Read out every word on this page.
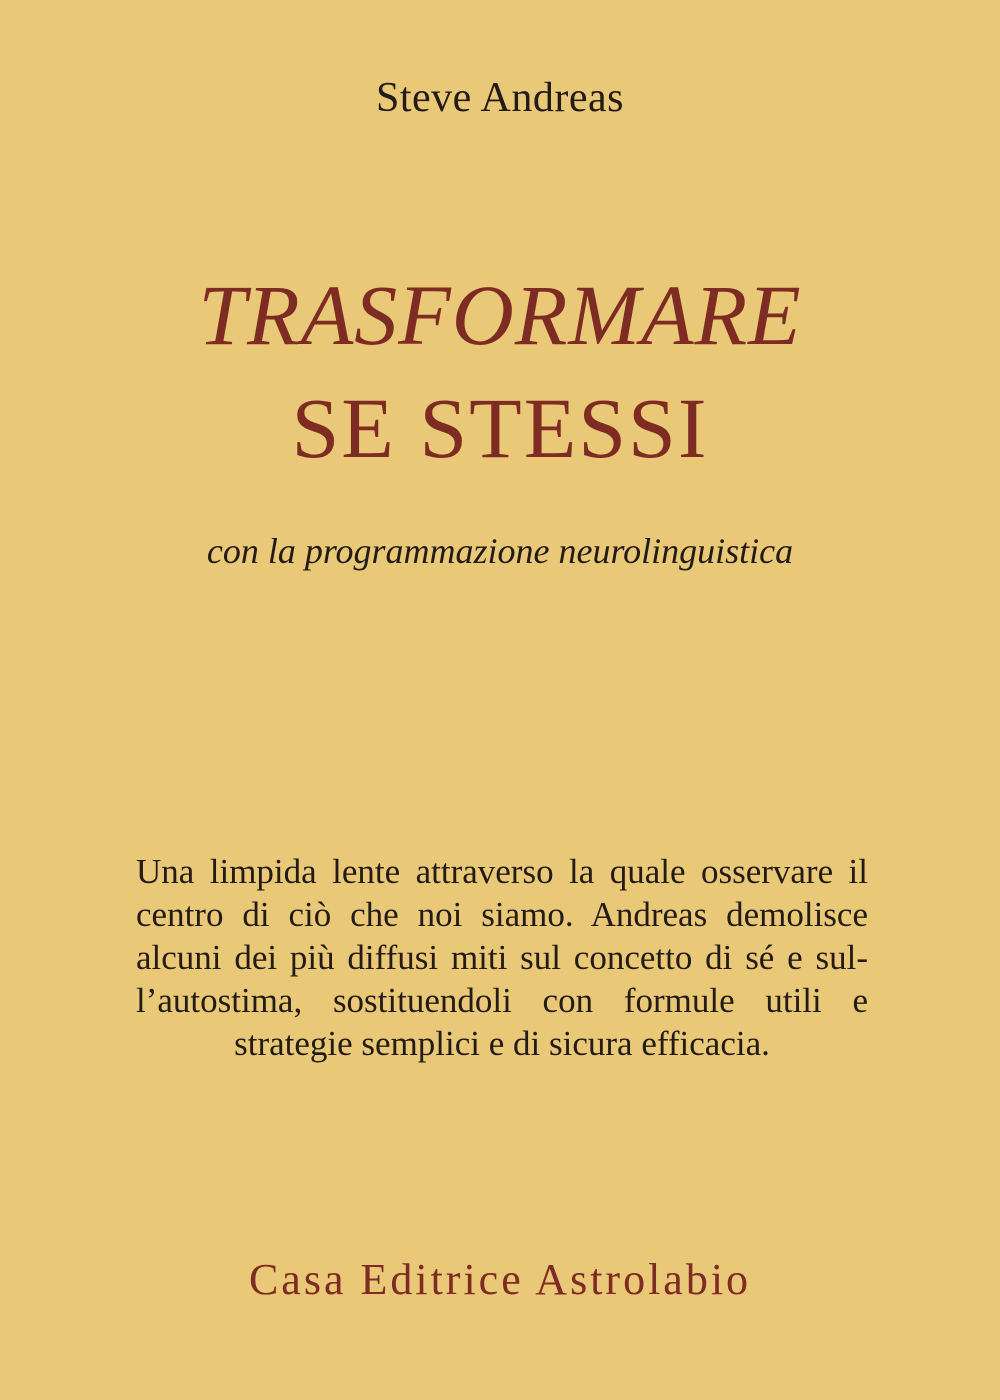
Steve Andreas
TRASFORMARE
SE STESSI
con la programmazione neurolinguistica
Una limpida lente attraverso la quale osservare il
centro di ciò che noi siamo. Andreas demolisce
alcuni dei più diffusi miti sul concetto di sé e sul-
l’autostima, sostituendoli con formule utili e
strategie semplici e di sicura efficacia.
Casa Editrice Astrolabio
